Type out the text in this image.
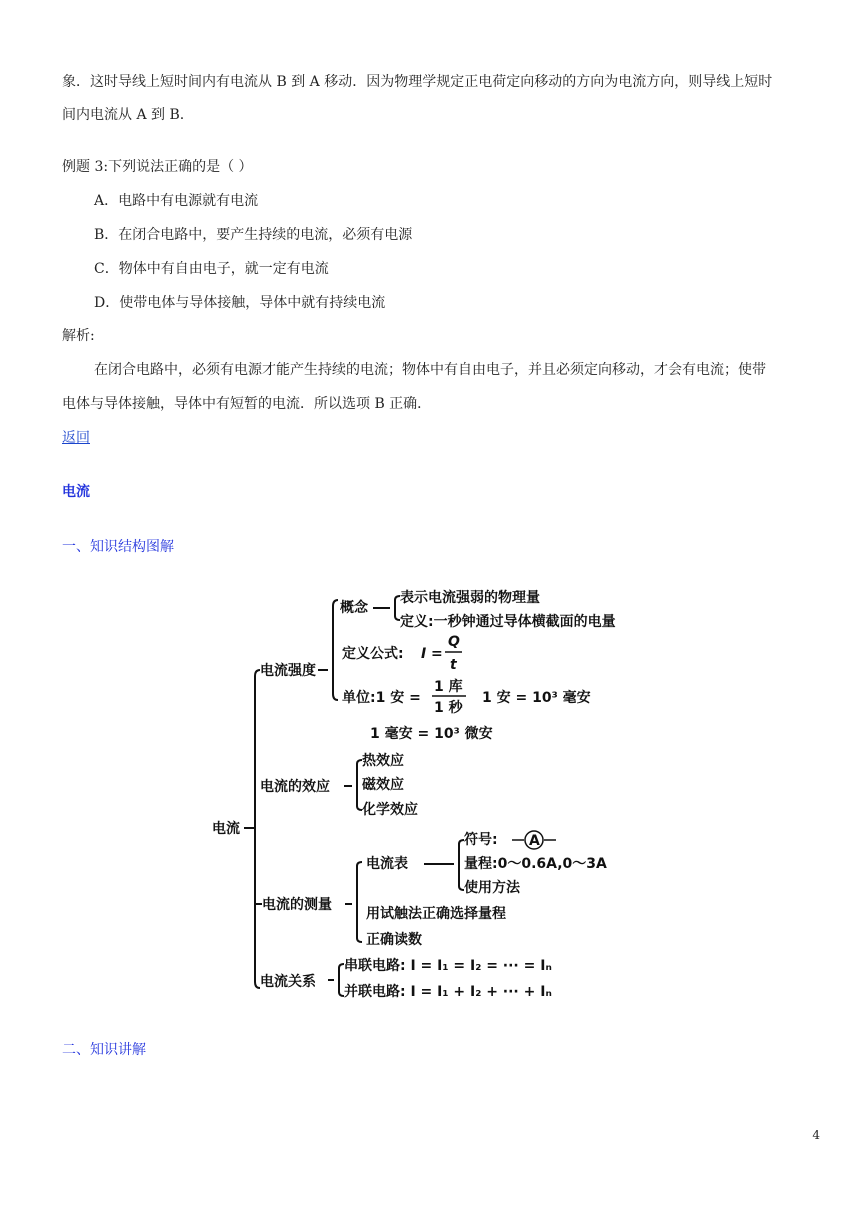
象．这时导线上短时间内有电流从 B 到 A 移动．因为物理学规定正电荷定向移动的方向为电流方向，则导线上短时
间内电流从 A 到 B.
例题 3:下列说法正确的是（ ）
A．电路中有电源就有电流
B．在闭合电路中，要产生持续的电流，必须有电源
C．物体中有自由电子，就一定有电流
D．使带电体与导体接触，导体中就有持续电流
解析:
在闭合电路中，必须有电源才能产生持续的电流；物体中有自由电子，并且必须定向移动，才会有电流；使带
电体与导体接触，导体中有短暂的电流．所以选项 B 正确．
返回
电流
一、知识结构图解
电流
电流强度
概念
表示电流强弱的物理量
定义:一秒钟通过导体横截面的电量
定义公式: I =
Q
t
单位:1 安 =
1 库
1 秒
1 安 = 10³ 毫安
1 毫安 = 10³ 微安
电流的效应
热效应
磁效应
化学效应
电流的测量
电流表
符号: A
量程:0～0.6A,0～3A
使用方法
用试触法正确选择量程
正确读数
电流关系
串联电路: I = I₁ = I₂ = ··· = Iₙ
并联电路: I = I₁ + I₂ + ··· + Iₙ
二、知识讲解
4
